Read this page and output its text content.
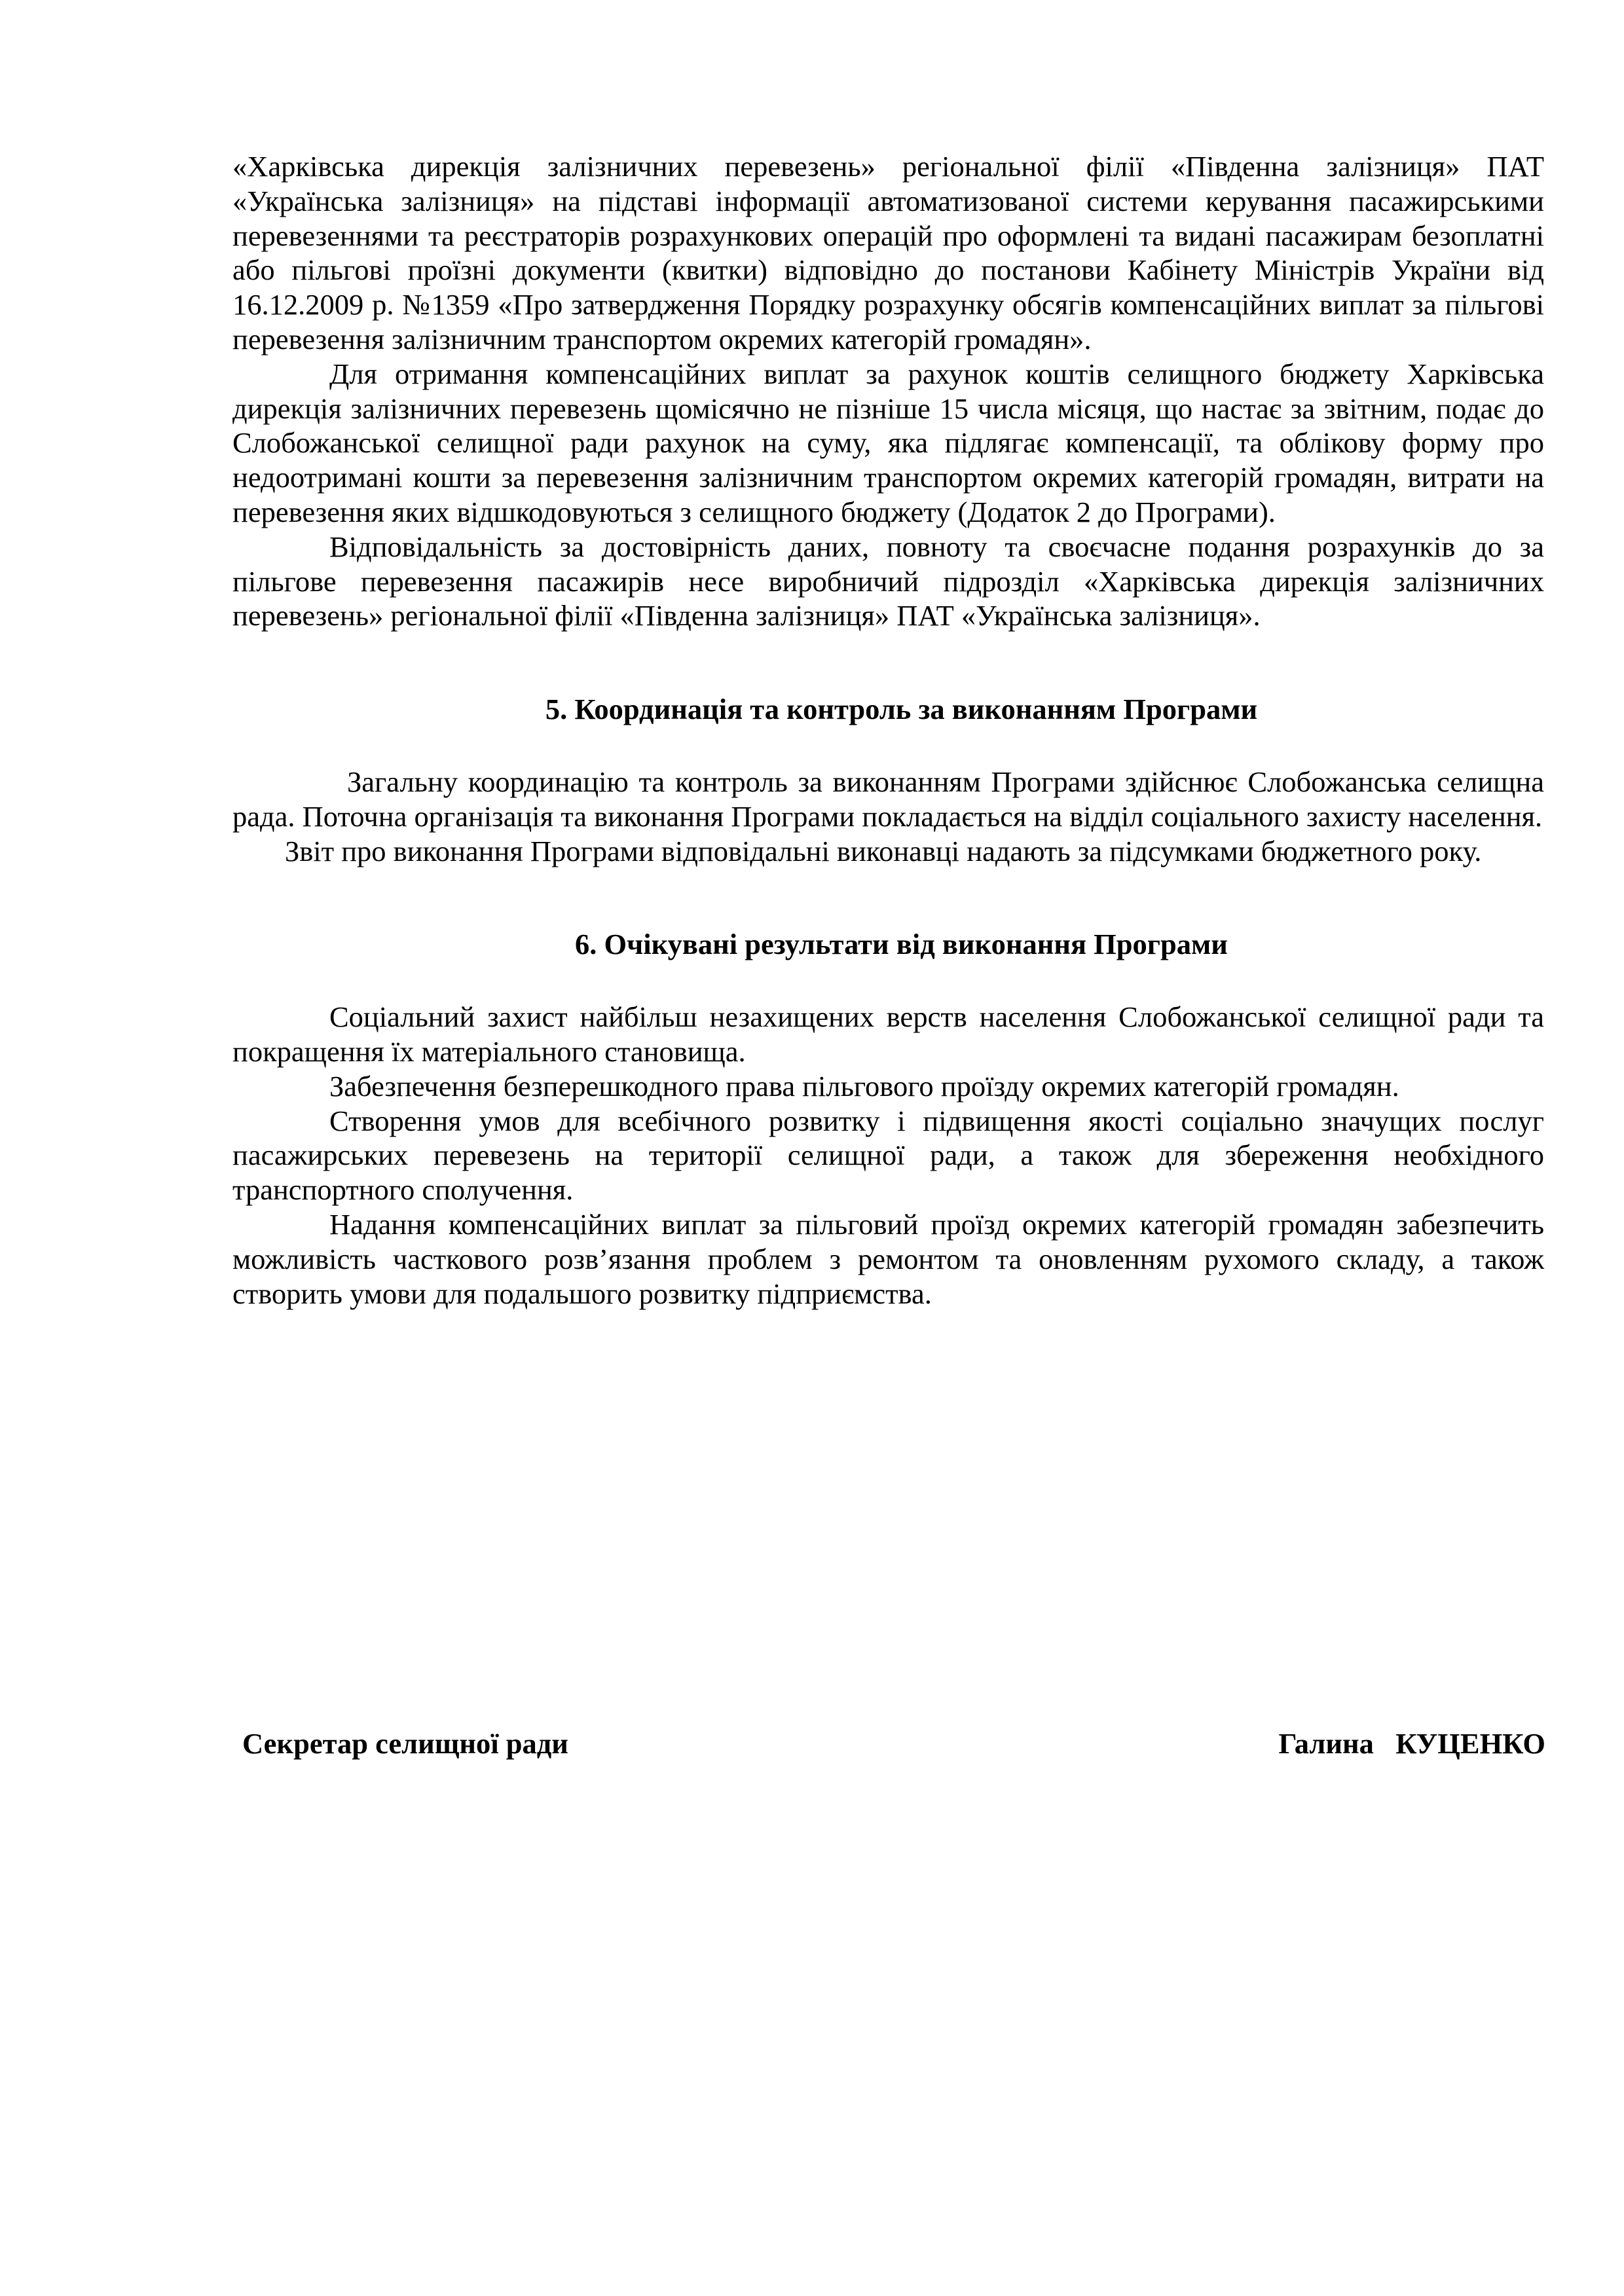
«Харківська дирекція залізничних перевезень» регіональної філії «Південна залізниця» ПАТ «Українська залізниця» на підставі інформації автоматизованої системи керування пасажирськими перевезеннями та реєстраторів розрахункових операцій про оформлені та видані пасажирам безоплатні або пільгові проїзні документи (квитки) відповідно до постанови Кабінету Міністрів України від 16.12.2009 р. №1359 «Про затвердження Порядку розрахунку обсягів компенсаційних виплат за пільгові перевезення залізничним транспортом окремих категорій громадян».

Для отримання компенсаційних виплат за рахунок коштів селищного бюджету Харківська дирекція залізничних перевезень щомісячно не пізніше 15 числа місяця, що настає за звітним, подає до Слобожанської селищної ради рахунок на суму, яка підлягає компенсації, та облікову форму про недоотримані кошти за перевезення залізничним транспортом окремих категорій громадян, витрати на перевезення яких відшкодовуються з селищного бюджету (Додаток 2 до Програми).

Відповідальність за достовірність даних, повноту та своєчасне подання розрахунків до за пільгове перевезення пасажирів несе виробничий підрозділ «Харківська дирекція залізничних перевезень» регіональної філії «Південна залізниця» ПАТ «Українська залізниця».

5. Координація та контроль за виконанням Програми

Загальну координацію та контроль за виконанням Програми здійснює Слобожанська селищна рада. Поточна організація та виконання Програми покладається на відділ соціального захисту населення.

Звіт про виконання Програми відповідальні виконавці надають за підсумками бюджетного року.

6. Очікувані результати від виконання Програми

Соціальний захист найбільш незахищених верств населення Слобожанської селищної ради та покращення їх матеріального становища.

Забезпечення безперешкодного права пільгового проїзду окремих категорій громадян.

Створення умов для всебічного розвитку і підвищення якості соціально значущих послуг пасажирських перевезень на території селищної ради, а також для збереження необхідного транспортного сполучення.

Надання компенсаційних виплат за пільговий проїзд окремих категорій громадян забезпечить можливість часткового розв’язання проблем з ремонтом та оновленням рухомого складу, а також створить умови для подальшого розвитку підприємства.

Секретар селищної ради	Галина   КУЦЕНКО
